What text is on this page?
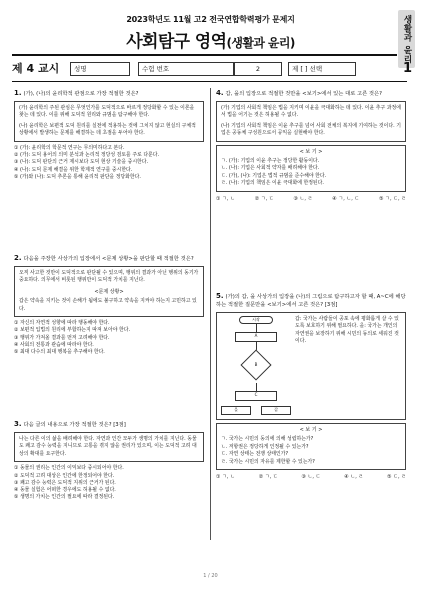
2023학년도 11월 고2 전국연합학력평가 문제지
사회탐구 영역(생활과 윤리)	생활과 윤리
제 4 교시	성명	수험 번호	2	제 [ ] 선택	1
1. (가), (나)의 윤리학적 관점으로 가장 적절한 것은?
(가) 윤리학의 주된 관심은 무엇인가를 도덕적으로 바르게 정당화할 수 있는 이론을 찾는 데 있다. 이를 위해 도덕적 원리와 규범을 탐구해야 한다.
(나) 윤리학은 보편적 도덕 원리를 실천에 적용하는 것에 그치지 않고 현실의 구체적 상황에서 발생하는 문제를 해결하는 데 초점을 두어야 한다.
① (가): 윤리학의 학문적 연구는 무의미하다고 본다.
② (가): 도덕 용어의 의미 분석과 논리적 정당성 검토를 주로 다룬다.
③ (나): 도덕 판단의 근거 제시보다 도덕 현상 기술을 중시한다.
④ (나): 도덕 문제 해결을 위한 학제적 연구를 중시한다.
⑤ (가)와 (나): 도덕 추론을 통해 윤리적 판단을 정당화한다.
2. 다음을 주장한 사상가의 입장에서 <문제 상황>을 판단할 때 적절한 것은?
오직 사고한 것만이 도덕적으로 판단될 수 있으며, 행위의 결과가 아닌 행위의 동기가 중요하다. 의무에서 비롯된 행위만이 도덕적 가치를 지닌다.
<문제 상황>
갑은 약속을 지키는 것이 손해가 됨에도 불구하고 약속을 지켜야 하는지 고민하고 있다.
① 자신의 자연적 성향에 따라 행동해야 한다.
② 보편적 입법의 원리에 부합하는지 따져 보아야 한다.
③ 행위가 가져올 결과를 먼저 고려해야 한다.
④ 사회의 전통과 관습에 따라야 한다.
⑤ 최대 다수의 최대 행복을 추구해야 한다.
3. 다음 글의 내용으로 가장 적절한 것은? [3점]
나는 다른 이의 삶을 배려해야 한다. 자연과 인간 모두가 생명의 가치를 지닌다. 동물도 쾌고 감수 능력을 지니므로 고통을 겪지 않을 권리가 있으며, 이는 도덕적 고려 대상의 확대를 요구한다.
① 동물의 권리는 인간의 이익보다 중시되어야 한다.
② 도덕적 고려 대상은 인간에 한정되어야 한다.
③ 쾌고 감수 능력은 도덕적 지위의 근거가 된다.
④ 동물 실험은 어떠한 경우에도 허용될 수 없다.
⑤ 생명의 가치는 인간의 필요에 따라 결정된다.
4. 갑, 을의 입장으로 적절한 것만을 <보기>에서 있는 대로 고른 것은?
(가) 기업의 사회적 책임은 법을 지키며 이윤을 극대화하는 데 있다. 이윤 추구 과정에서 법을 어기는 것은 허용될 수 없다.
(나) 기업의 사회적 책임은 이윤 추구를 넘어 사회 전체의 복지에 기여하는 것이다. 기업은 공동체 구성원으로서 공익을 실현해야 한다.
< 보 기 >
ㄱ. (가): 기업의 이윤 추구는 정당한 활동이다.
ㄴ. (나): 기업은 사회적 약자를 배려해야 한다.
ㄷ. (가), (나): 기업은 법적 규범을 준수해야 한다.
ㄹ. (나): 기업의 책임은 이윤 극대화에 한정된다.
① ㄱ, ㄴ	② ㄱ, ㄷ	③ ㄴ, ㄹ	④ ㄱ, ㄴ, ㄷ	⑤ ㄱ, ㄷ, ㄹ
5. (가)의 갑, 을 사상가의 입장을 (나)의 그림으로 탐구하고자 할 때, A~C에 해당하는 적절한 질문만을 <보기>에서 고른 것은? [3점]
시작
A
B
C
을	갑
갑: 국가는 사람들이 공포 속에 평화롭게 살 수 있도록 보호하기 위해 필요하다. 을: 국가는 개인의 자연권을 보장하기 위해 시민의 동의로 세워진 것이다.
< 보 기 >
ㄱ. 국가는 시민의 동의에 의해 성립하는가?
ㄴ. 저항권은 정당하게 인정될 수 있는가?
ㄷ. 자연 상태는 전쟁 상태인가?
ㄹ. 국가는 시민의 자유를 제한할 수 있는가?
① ㄱ, ㄴ	② ㄱ, ㄷ	③ ㄴ, ㄷ	④ ㄴ, ㄹ	⑤ ㄷ, ㄹ
1 / 20
